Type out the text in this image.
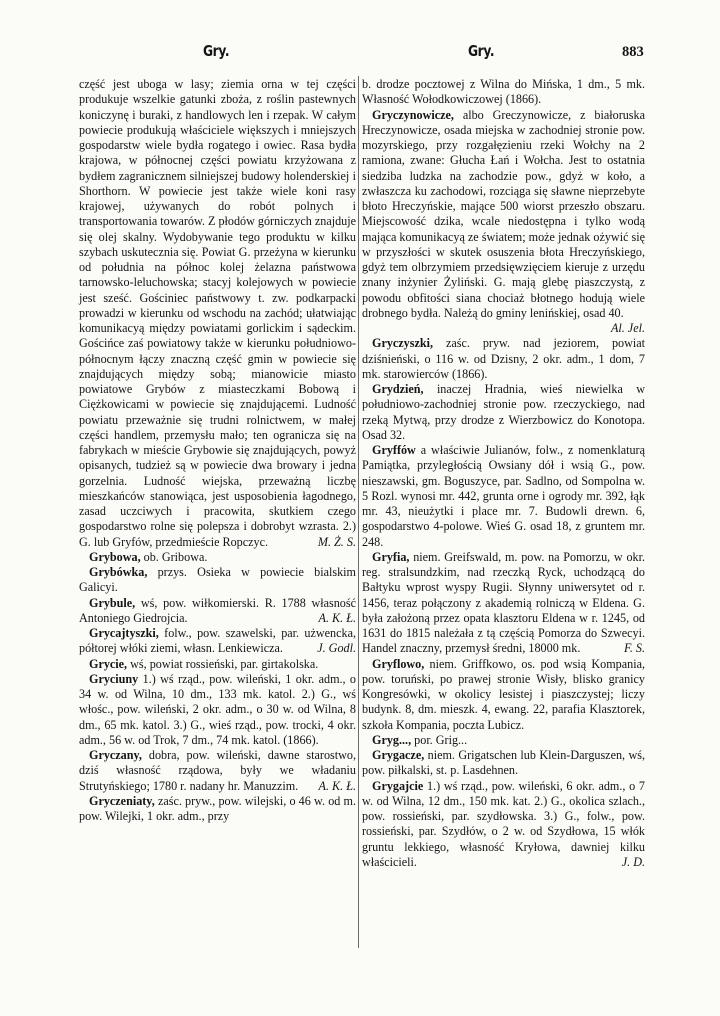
Gry.	Gry.	883

część jest uboga w lasy; ziemia orna w tej części produkuje wszelkie gatunki zboża, z roślin pastewnych koniczynę i buraki, z handlowych len i rzepak. W całym powiecie produkują właściciele większych i mniejszych gospodarstw wiele bydła rogatego i owiec. Rasa bydła krajowa, w północnej części powiatu krzyżowana z bydłem zagranicznem silniejszej budowy holenderskiej i Shorthorn. W powiecie jest także wiele koni rasy krajowej, używanych do robót polnych i transportowania towarów. Z płodów górniczych znajduje się olej skalny. Wydobywanie tego produktu w kilku szybach uskutecznia się. Powiat G. przeżyna w kierunku od południa na północ kolej żelazna państwowa tarnowsko-leluchowska; stacyj kolejowych w powiecie jest sześć. Gościniec państwowy t. zw. podkarpacki prowadzi w kierunku od wschodu na zachód; ułatwiając komunikacyą między powiatami gorlickim i sądeckim. Gościńce zaś powiatowy także w kierunku południowo-północnym łączy znaczną część gmin w powiecie się znajdujących między sobą; mianowicie miasto powiatowe Grybów z miasteczkami Bobową i Ciężkowicami w powiecie się znajdującemi. Ludność powiatu przeważnie się trudni rolnictwem, w małej części handlem, przemysłu mało; ten ogranicza się na fabrykach w mieście Grybowie się znajdujących, powyż opisanych, tudzież są w powiecie dwa browary i jedna gorzelnia. Ludność wiejska, przeważną liczbę mieszkańców stanowiąca, jest usposobienia łagodnego, zasad uczciwych i pracowita, skutkiem czego gospodarstwo rolne się polepsza i dobrobyt wzrasta. 2.) G. lub Gryfów, przedmieście Ropczyc.	M. Ż. S.

Grybowa, ob. Gribowa.

Grybówka, przys. Osieka w powiecie bialskim Galicyi.

Grybule, wś, pow. wiłkomierski. R. 1788 własność Antoniego Giedrojcia.	A. K. Ł.

Grycajtyszki, folw., pow. szawelski, par. użwencka, półtorej włóki ziemi, własn. Lenkiewicza.	J. Godl.

Grycie, wś, powiat rossieński, par. girtakolska.

Gryciuny 1.) wś rząd., pow. wileński, 1 okr. adm., o 34 w. od Wilna, 10 dm., 133 mk. katol. 2.) G., wś włośc., pow. wileński, 2 okr. adm., o 30 w. od Wilna, 8 dm., 65 mk. katol. 3.) G., wieś rząd., pow. trocki, 4 okr. adm., 56 w. od Trok, 7 dm., 74 mk. katol. (1866).

Gryczany, dobra, pow. wileński, dawne starostwo, dziś własność rządowa, były we władaniu Strutyńskiego; 1780 r. nadany hr. Manuzzim.	A. K. Ł.

Gryczeniaty, zaśc. pryw., pow. wilejski, o 46 w. od m. pow. Wilejki, 1 okr. adm., przy

b. drodze pocztowej z Wilna do Mińska, 1 dm., 5 mk. Własność Wołodkowiczowej (1866).

Gryczynowicze, albo Greczynowicze, z białoruska Hreczynowicze, osada miejska w zachodniej stronie pow. mozyrskiego, przy rozgałęzieniu rzeki Wołchy na 2 ramiona, zwane: Głucha Łań i Wołcha. Jest to ostatnia siedziba ludzka na zachodzie pow., gdyż w koło, a zwłaszcza ku zachodowi, rozciąga się sławne nieprzebyte błoto Hreczyńskie, mające 500 wiorst przeszło obszaru. Miejscowość dzika, wcale niedostępna i tylko wodą mająca komunikacyą ze światem; może jednak ożywić się w przyszłości w skutek osuszenia błota Hreczyńskiego, gdyż tem olbrzymiem przedsięwzięciem kieruje z urzędu znany inżynier Żyliński. G. mają glebę piaszczystą, z powodu obfitości siana chociaż błotnego hodują wiele drobnego bydła. Należą do gminy lenińskiej, osad 40.
Al. Jel.

Gryczyszki, zaśc. pryw. nad jeziorem, powiat dziśnieński, o 116 w. od Dzisny, 2 okr. adm., 1 dom, 7 mk. starowierców (1866).

Grydzień, inaczej Hradnia, wieś niewielka w południowo-zachodniej stronie pow. rzeczyckiego, nad rzeką Mytwą, przy drodze z Wierzbowicz do Konotopa. Osad 32.

Gryffów a właściwie Julianów, folw., z nomenklaturą Pamiątka, przyległością Owsiany dół i wsią G., pow. nieszawski, gm. Boguszyce, par. Sadlno, od Sompolna w. 5 Rozl. wynosi mr. 442, grunta orne i ogrody mr. 392, łąk mr. 43, nieużytki i place mr. 7. Budowli drewn. 6, gospodarstwo 4-polowe. Wieś G. osad 18, z gruntem mr. 248.

Gryfia, niem. Greifswald, m. pow. na Pomorzu, w okr. reg. stralsundzkim, nad rzeczką Ryck, uchodzącą do Bałtyku wprost wyspy Rugii. Słynny uniwersytet od r. 1456, teraz połączony z akademią rolniczą w Eldena. G. była założoną przez opata klasztoru Eldena w r. 1245, od 1631 do 1815 należała z tą częścią Pomorza do Szwecyi. Handel znaczny, przemysł średni, 18000 mk.	F. S.

Gryflowo, niem. Griffkowo, os. pod wsią Kompania, pow. toruński, po prawej stronie Wisły, blisko granicy Kongresówki, w okolicy lesistej i piaszczystej; liczy budynk. 8, dm. mieszk. 4, ewang. 22, parafia Klasztorek, szkoła Kompania, poczta Lubicz.

Gryg..., por. Grig...

Grygacze, niem. Grigatschen lub Klein-Darguszen, wś, pow. piłkalski, st. p. Lasdehnen.

Grygajcie 1.) wś rząd., pow. wileński, 6 okr. adm., o 7 w. od Wilna, 12 dm., 150 mk. kat. 2.) G., okolica szlach., pow. rossieński, par. szydłowska. 3.) G., folw., pow. rossieński, par. Szydłów, o 2 w. od Szydłowa, 15 włók gruntu lekkiego, własność Kryłowa, dawniej kilku właścicieli.	J. D.
